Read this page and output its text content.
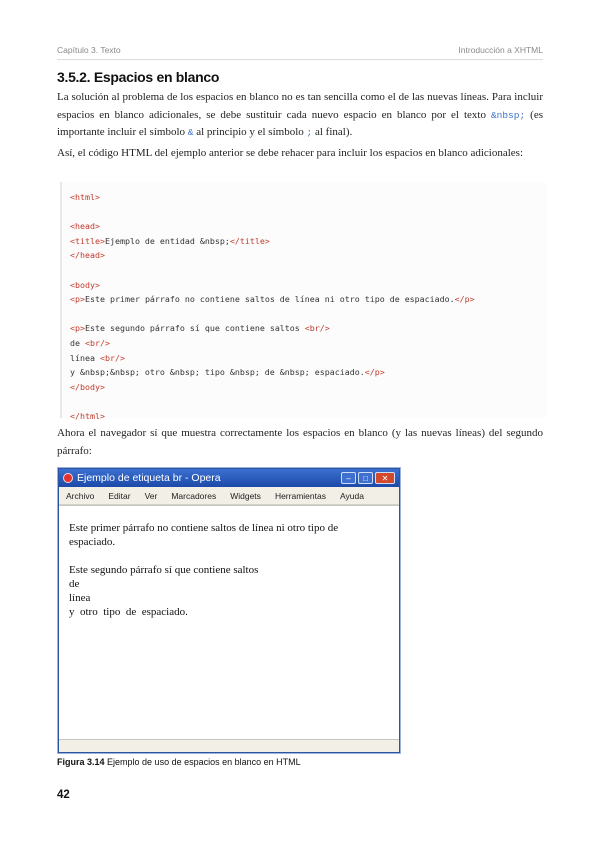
Capítulo 3. Texto	Introducción a XHTML
3.5.2. Espacios en blanco

La solución al problema de los espacios en blanco no es tan sencilla como el de las nuevas líneas. Para incluir espacios en blanco adicionales, se debe sustituir cada nuevo espacio en blanco por el texto &nbsp; (es importante incluir el símbolo & al principio y el símbolo ; al final).

Así, el código HTML del ejemplo anterior se debe rehacer para incluir los espacios en blanco adicionales:

<html>

<head>
<title>Ejemplo de entidad &nbsp;</title>
</head>

<body>
<p>Este primer párrafo no contiene saltos de línea ni otro tipo de espaciado.</p>

<p>Este segundo párrafo sí que contiene saltos <br/>
de <br/>
línea <br/>
y &nbsp;&nbsp; otro &nbsp; tipo &nbsp; de &nbsp; espaciado.</p>
</body>

</html>

Ahora el navegador sí que muestra correctamente los espacios en blanco (y las nuevas líneas) del segundo párrafo:

Ejemplo de etiqueta br - Opera	–	□	✕
Archivo Editar Ver Marcadores Widgets Herramientas Ayuda

Este primer párrafo no contiene saltos de línea ni otro tipo de espaciado.

Este segundo párrafo sí que contiene saltos
de
línea
y  otro  tipo  de  espaciado.

Figura 3.14 Ejemplo de uso de espacios en blanco en HTML
42
